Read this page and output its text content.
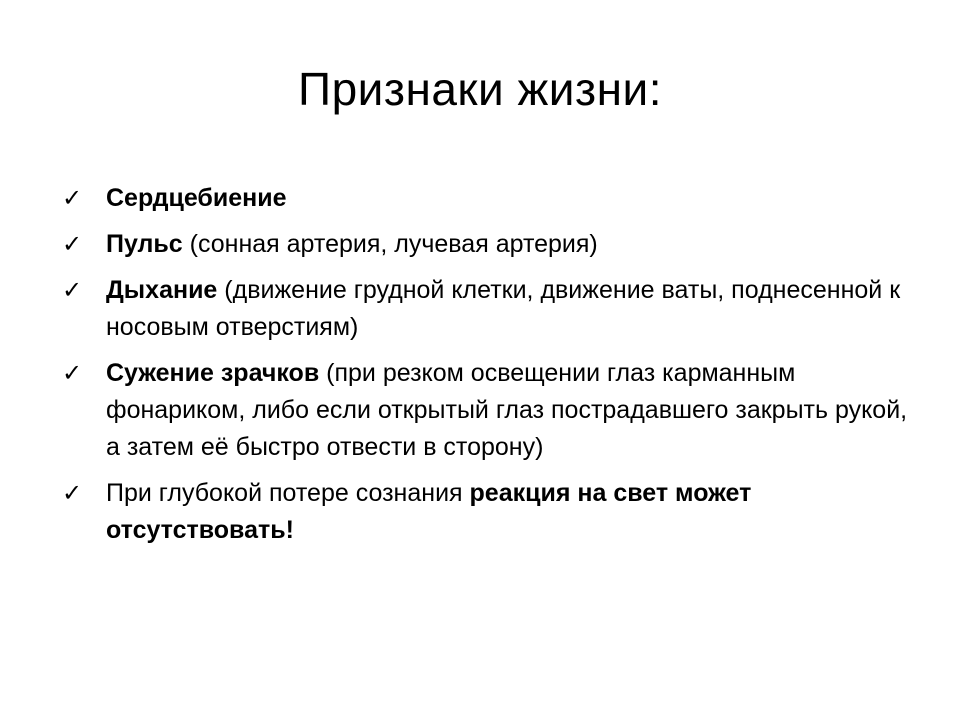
Признаки жизни:
✓ Сердцебиение
✓ Пульс (сонная артерия, лучевая артерия)
✓ Дыхание (движение грудной клетки, движение ваты, поднесенной к носовым отверстиям)
✓ Сужение зрачков (при резком освещении глаз карманным фонариком, либо если открытый глаз пострадавшего закрыть рукой, а затем её быстро отвести в сторону)
✓ При глубокой потере сознания реакция на свет может отсутствовать!
